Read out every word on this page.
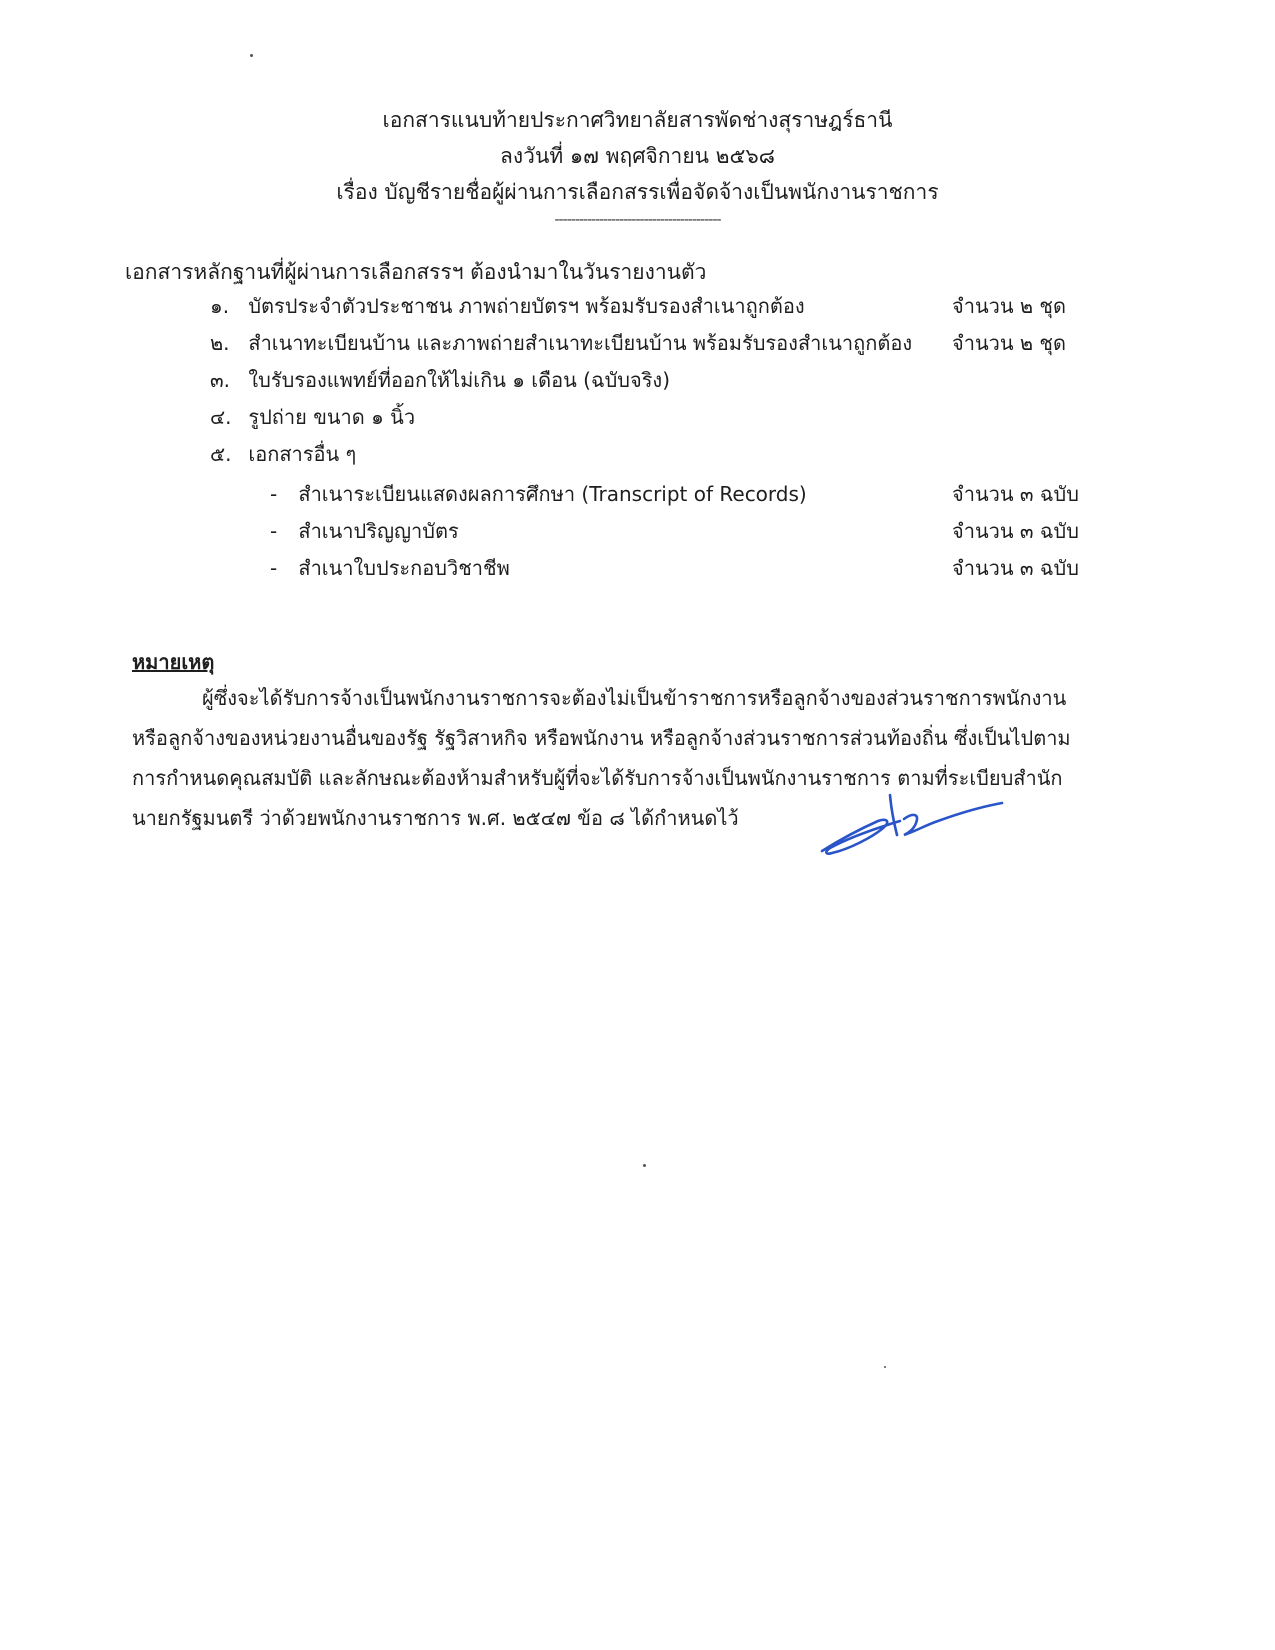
เอกสารแนบท้ายประกาศวิทยาลัยสารพัดช่างสุราษฎร์ธานี
ลงวันที่ ๑๗ พฤศจิกายน ๒๕๖๘
เรื่อง บัญชีรายชื่อผู้ผ่านการเลือกสรรเพื่อจัดจ้างเป็นพนักงานราชการ
-----------------------------------------
เอกสารหลักฐานที่ผู้ผ่านการเลือกสรรฯ ต้องนำมาในวันรายงานตัว
๑. บัตรประจำตัวประชาชน ภาพถ่ายบัตรฯ พร้อมรับรองสำเนาถูกต้อง	จำนวน ๒ ชุด
๒. สำเนาทะเบียนบ้าน และภาพถ่ายสำเนาทะเบียนบ้าน พร้อมรับรองสำเนาถูกต้อง จำนวน ๒ ชุด
๓. ใบรับรองแพทย์ที่ออกให้ไม่เกิน ๑ เดือน (ฉบับจริง)
๔. รูปถ่าย ขนาด ๑ นิ้ว
๕. เอกสารอื่น ๆ
- สำเนาระเบียนแสดงผลการศึกษา (Transcript of Records)	จำนวน ๓ ฉบับ
- สำเนาปริญญาบัตร	จำนวน ๓ ฉบับ
- สำเนาใบประกอบวิชาชีพ	จำนวน ๓ ฉบับ
หมายเหตุ
ผู้ซึ่งจะได้รับการจ้างเป็นพนักงานราชการจะต้องไม่เป็นข้าราชการหรือลูกจ้างของส่วนราชการพนักงาน
หรือลูกจ้างของหน่วยงานอื่นของรัฐ รัฐวิสาหกิจ หรือพนักงาน หรือลูกจ้างส่วนราชการส่วนท้องถิ่น ซึ่งเป็นไปตาม
การกำหนดคุณสมบัติ และลักษณะต้องห้ามสำหรับผู้ที่จะได้รับการจ้างเป็นพนักงานราชการ ตามที่ระเบียบสำนัก
นายกรัฐมนตรี ว่าด้วยพนักงานราชการ พ.ศ. ๒๕๔๗ ข้อ ๘ ได้กำหนดไว้
